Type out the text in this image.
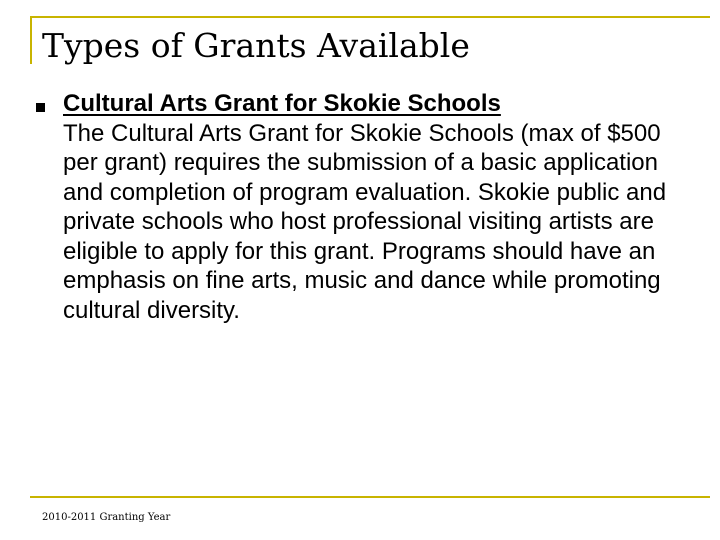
Types of Grants Available
Cultural Arts Grant for Skokie Schools
The Cultural Arts Grant for Skokie Schools (max of $500 per grant) requires the submission of a basic application and completion of program evaluation. Skokie public and private schools who host professional visiting artists are eligible to apply for this grant. Programs should have an emphasis on fine arts, music and dance while promoting cultural diversity.
2010-2011 Granting Year
